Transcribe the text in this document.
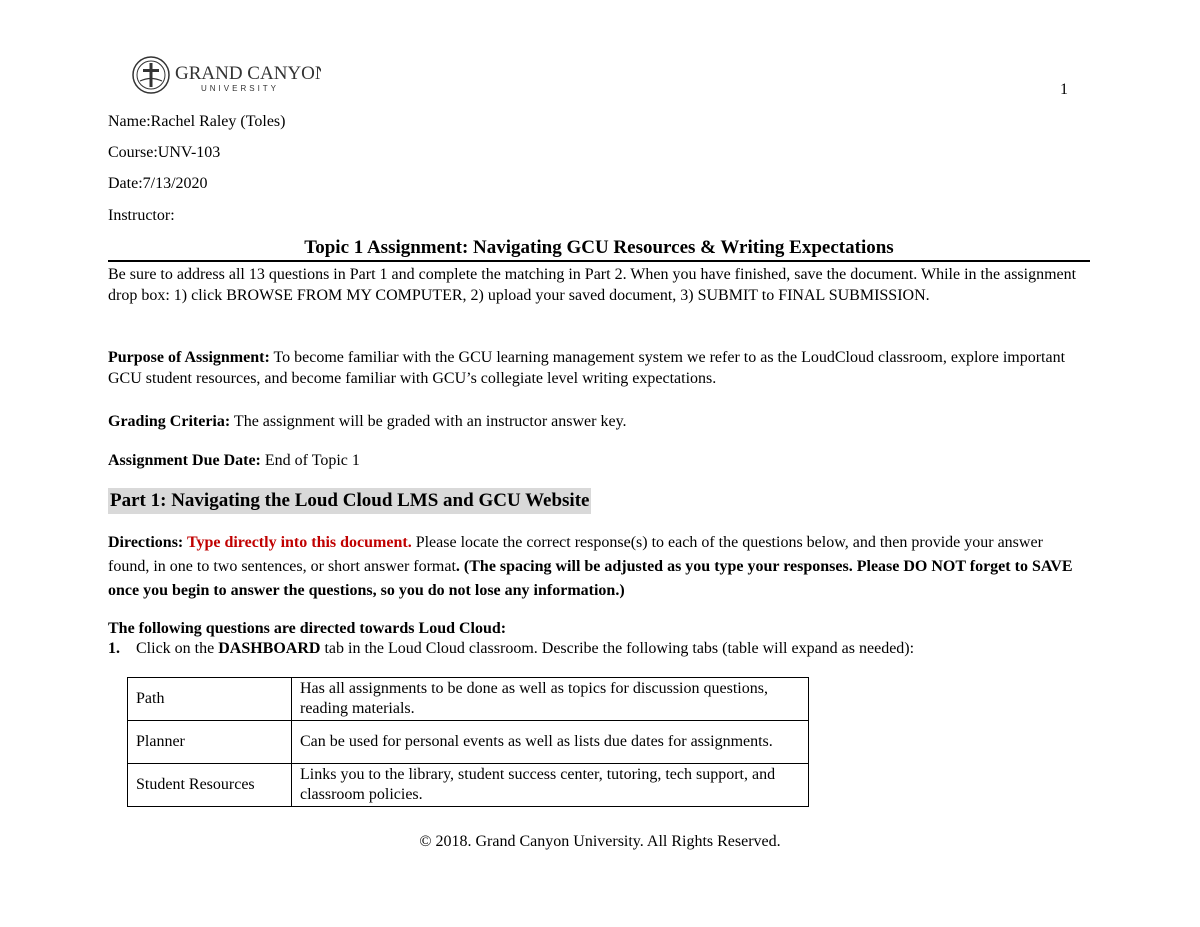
GRAND CANYON
UNIVERSITY	1
Name:Rachel Raley (Toles)
Course:UNV-103
Date:7/13/2020
Instructor:
Topic 1 Assignment: Navigating GCU Resources & Writing Expectations
Be sure to address all 13 questions in Part 1 and complete the matching in Part 2. When you have finished, save the document. While in the assignment drop box: 1) click BROWSE FROM MY COMPUTER, 2) upload your saved document, 3) SUBMIT to FINAL SUBMISSION.
Purpose of Assignment: To become familiar with the GCU learning management system we refer to as the LoudCloud classroom, explore important GCU student resources, and become familiar with GCU’s collegiate level writing expectations.
Grading Criteria: The assignment will be graded with an instructor answer key.
Assignment Due Date: End of Topic 1
Part 1: Navigating the Loud Cloud LMS and GCU Website
Directions: Type directly into this document. Please locate the correct response(s) to each of the questions below, and then provide your answer found, in one to two sentences, or short answer format. (The spacing will be adjusted as you type your responses. Please DO NOT forget to SAVE once you begin to answer the questions, so you do not lose any information.)
The following questions are directed towards Loud Cloud:
1. Click on the DASHBOARD tab in the Loud Cloud classroom. Describe the following tabs (table will expand as needed):
Path	Has all assignments to be done as well as topics for discussion questions, reading materials.
Planner	Can be used for personal events as well as lists due dates for assignments.
Student Resources	Links you to the library, student success center, tutoring, tech support, and classroom policies.
© 2018. Grand Canyon University. All Rights Reserved.
